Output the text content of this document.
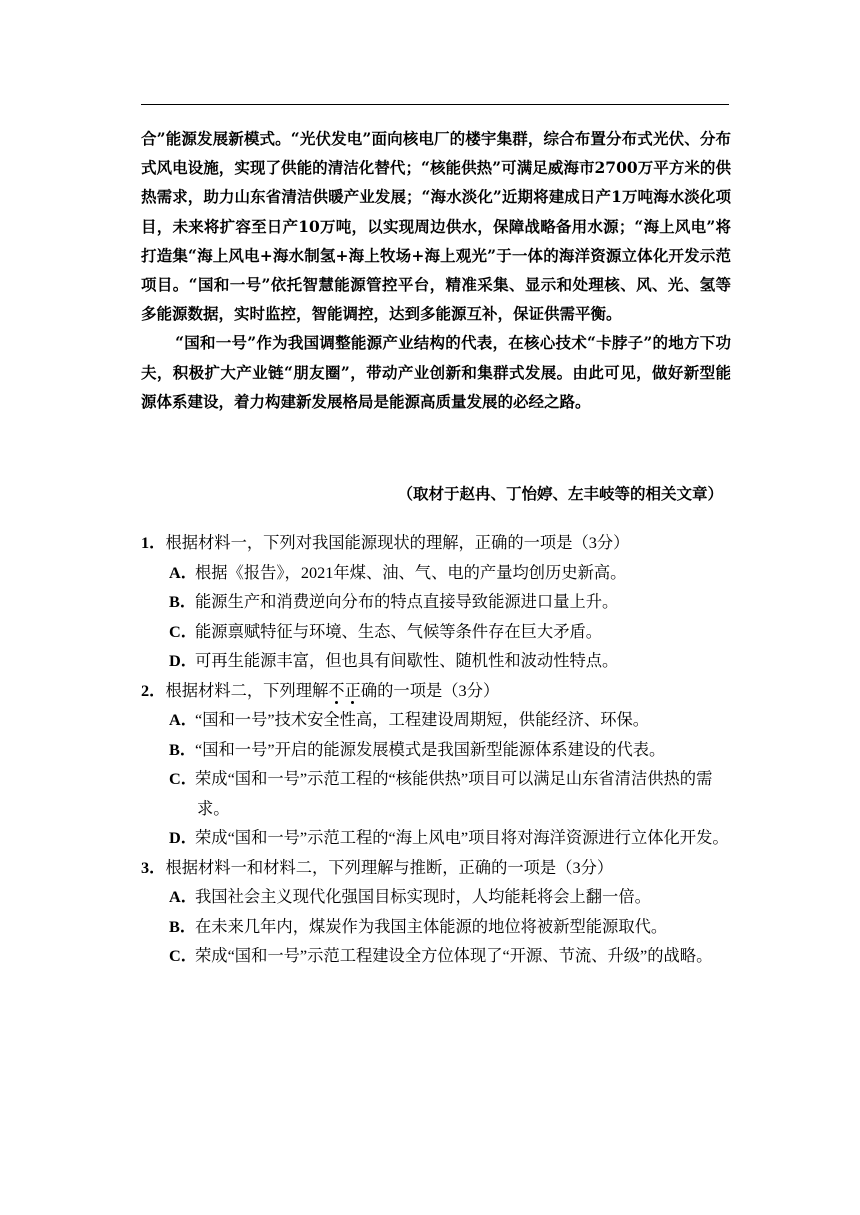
合”能源发展新模式。“光伏发电”面向核电厂的楼宇集群，综合布置分布式光伏、分布式风电设施，实现了供能的清洁化替代；“核能供热”可满足威海市2700万平方米的供热需求，助力山东省清洁供暖产业发展；“海水淡化”近期将建成日产1万吨海水淡化项目，未来将扩容至日产10万吨，以实现周边供水，保障战略备用水源；“海上风电”将打造集“海上风电+海水制氢+海上牧场+海上观光”于一体的海洋资源立体化开发示范项目。“国和一号”依托智慧能源管控平台，精准采集、显示和处理核、风、光、氢等多能源数据，实时监控，智能调控，达到多能源互补，保证供需平衡。

“国和一号”作为我国调整能源产业结构的代表，在核心技术“卡脖子”的地方下功夫，积极扩大产业链“朋友圈”，带动产业创新和集群式发展。由此可见，做好新型能源体系建设，着力构建新发展格局是能源高质量发展的必经之路。

（取材于赵冉、丁怡婷、左丰岐等的相关文章）

1．根据材料一，下列对我国能源现状的理解，正确的一项是（3分）

A．根据《报告》，2021年煤、油、气、电的产量均创历史新高。

B．能源生产和消费逆向分布的特点直接导致能源进口量上升。

C．能源禀赋特征与环境、生态、气候等条件存在巨大矛盾。

D．可再生能源丰富，但也具有间歇性、随机性和波动性特点。

2．根据材料二，下列理解不正确的一项是（3分）

A．“国和一号”技术安全性高，工程建设周期短，供能经济、环保。

B．“国和一号”开启的能源发展模式是我国新型能源体系建设的代表。

C．荣成“国和一号”示范工程的“核能供热”项目可以满足山东省清洁供热的需求。

D．荣成“国和一号”示范工程的“海上风电”项目将对海洋资源进行立体化开发。

3．根据材料一和材料二，下列理解与推断，正确的一项是（3分）

A．我国社会主义现代化强国目标实现时，人均能耗将会上翻一倍。

B．在未来几年内，煤炭作为我国主体能源的地位将被新型能源取代。

C．荣成“国和一号”示范工程建设全方位体现了“开源、节流、升级”的战略。
